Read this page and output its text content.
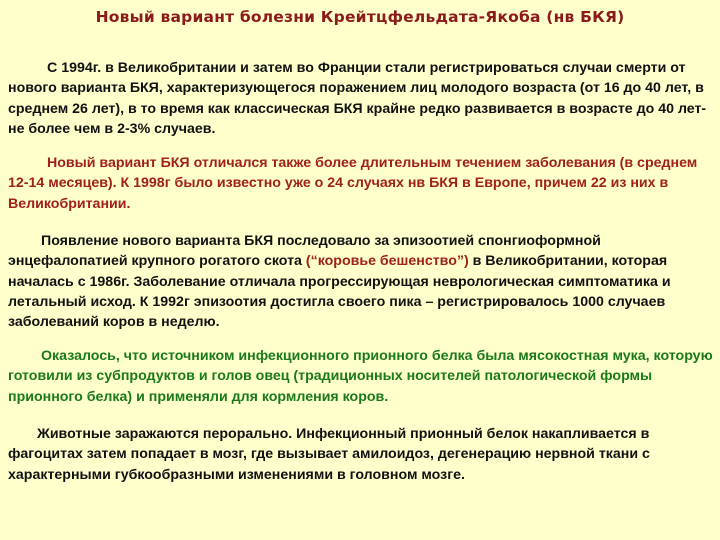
Новый вариант болезни Крейтцфельдата-Якоба (нв БКЯ)

С 1994г. в Великобритании и затем во Франции стали регистрироваться случаи смерти от нового варианта БКЯ, характеризующегося поражением лиц молодого возраста (от 16 до 40 лет, в среднем 26 лет), в то время как классическая БКЯ крайне редко развивается в возрасте до 40 лет- не более чем в 2-3% случаев.

Новый вариант БКЯ отличался также более длительным течением заболевания (в среднем 12-14 месяцев). К 1998г было известно уже о 24 случаях нв БКЯ в Европе, причем 22 из них в Великобритании.

Появление нового варианта БКЯ последовало за эпизоотией спонгиоформной энцефалопатией крупного рогатого скота (“коровье бешенство”) в Великобритании, которая началась с 1986г. Заболевание отличала прогрессирующая неврологическая симптоматика и летальный исход. К 1992г эпизоотия достигла своего пика – регистрировалось 1000 случаев заболеваний коров в неделю.

Оказалось, что источником инфекционного прионного белка была мясокостная мука, которую готовили из субпродуктов и голов овец (традиционных носителей патологической формы прионного белка) и применяли для кормления коров.

Животные заражаются перорально. Инфекционный прионный белок накапливается в фагоцитах затем попадает в мозг, где вызывает амилоидоз, дегенерацию нервной ткани с характерными губкообразными изменениями в головном мозге.
